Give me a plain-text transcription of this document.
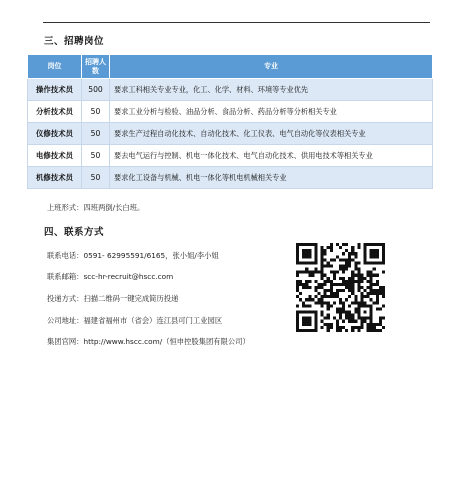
三、招聘岗位
岗位	招聘人数	专业
操作技术员	500	要求工科相关专业专业，化工、化学、材料、环境等专业优先
分析技术员	50	要求工业分析与检验、油品分析、食品分析、药品分析等分析相关专业
仪修技术员	50	要求生产过程自动化技术、自动化技术、化工仪表、电气自动化等仪表相关专业
电修技术员	50	要去电气运行与控制、机电一体化技术、电气自动化技术、供用电技术等相关专业
机修技术员	50	要求化工设备与机械、机电一体化等机电机械相关专业
上班形式：四班两倒/长白班。
四、联系方式
联系电话：0591- 62995591/6165，张小姐/李小姐
联系邮箱：scc-hr-recruit@hscc.com
投递方式：扫描二维码一键完成简历投递
公司地址：福建省福州市（省会）连江县可门工业园区
集团官网：http://www.hscc.com/（恒申控股集团有限公司）
